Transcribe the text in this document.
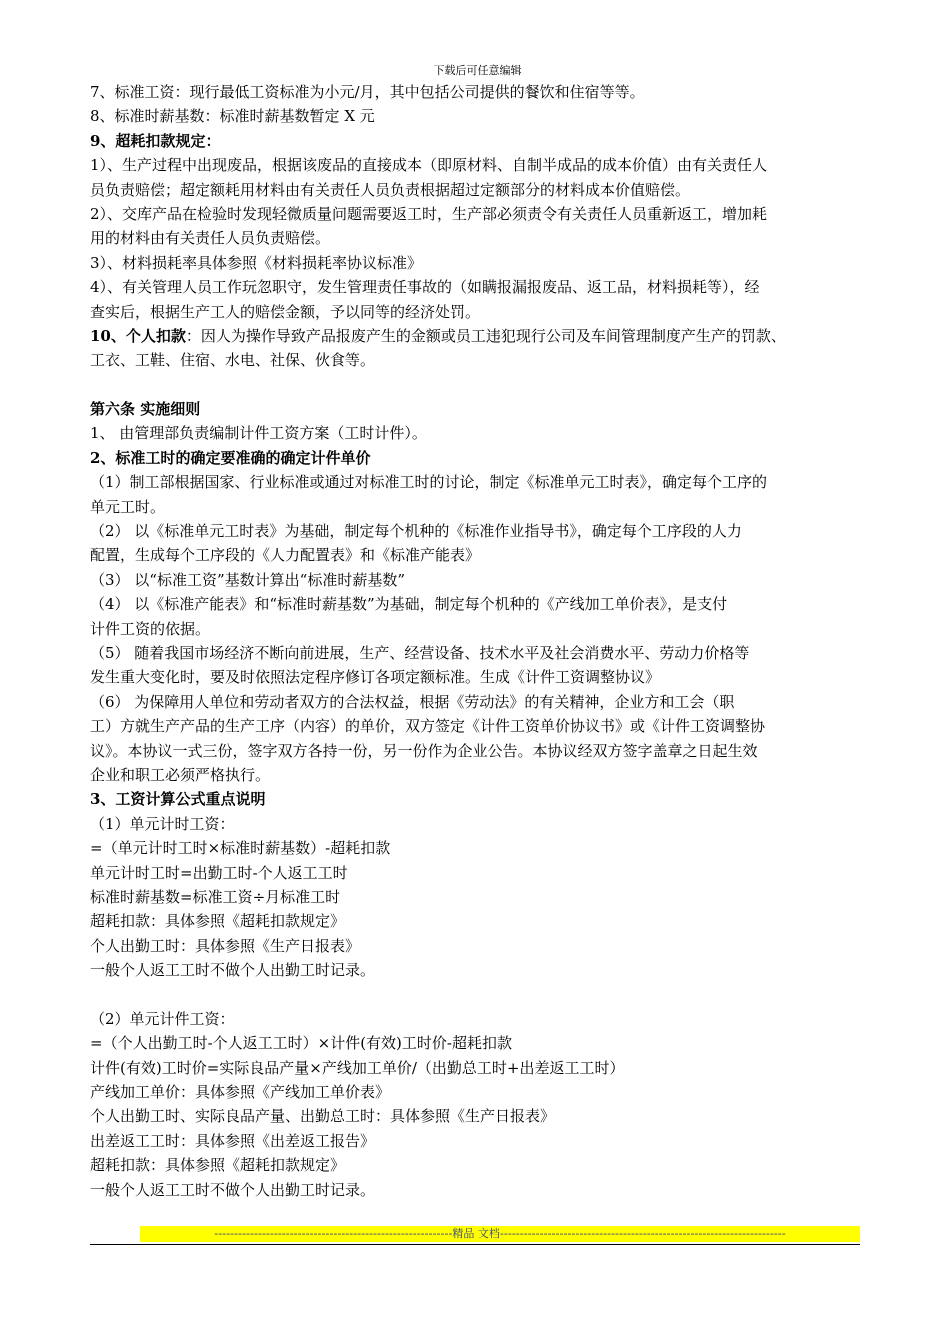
下载后可任意编辑
7、标准工资：现行最低工资标准为小元/月，其中包括公司提供的餐饮和住宿等等。
8、标准时薪基数：标准时薪基数暂定 X 元
9、超耗扣款规定：
1）、生产过程中出现废品，根据该废品的直接成本（即原材料、自制半成品的成本价值）由有关责任人
员负责赔偿；超定额耗用材料由有关责任人员负责根据超过定额部分的材料成本价值赔偿。
2）、交库产品在检验时发现轻微质量问题需要返工时，生产部必须责令有关责任人员重新返工，增加耗
用的材料由有关责任人员负责赔偿。
3）、材料损耗率具体参照《材料损耗率协议标准》
4）、有关管理人员工作玩忽职守，发生管理责任事故的（如瞒报漏报废品、返工品，材料损耗等），经
查实后，根据生产工人的赔偿金额，予以同等的经济处罚。
10、个人扣款：因人为操作导致产品报废产生的金额或员工违犯现行公司及车间管理制度产生产的罚款、
工衣、工鞋、住宿、水电、社保、伙食等。
第六条 实施细则
1、 由管理部负责编制计件工资方案（工时计件）。
2、标准工时的确定要准确的确定计件单价
（1）制工部根据国家、行业标准或通过对标准工时的讨论，制定《标准单元工时表》，确定每个工序的
单元工时。
（2） 以《标准单元工时表》为基础，制定每个机种的《标准作业指导书》，确定每个工序段的人力
配置，生成每个工序段的《人力配置表》和《标准产能表》
（3） 以“标准工资”基数计算出“标准时薪基数”
（4） 以《标准产能表》和“标准时薪基数”为基础，制定每个机种的《产线加工单价表》，是支付
计件工资的依据。
（5） 随着我国市场经济不断向前进展，生产、经营设备、技术水平及社会消费水平、劳动力价格等
发生重大变化时，要及时依照法定程序修订各项定额标准。生成《计件工资调整协议》
（6） 为保障用人单位和劳动者双方的合法权益，根据《劳动法》的有关精神，企业方和工会（职
工）方就生产产品的生产工序（内容）的单价，双方签定《计件工资单价协议书》或《计件工资调整协
议》。本协议一式三份，签字双方各持一份，另一份作为企业公告。本协议经双方签字盖章之日起生效
企业和职工必须严格执行。
3、工资计算公式重点说明
（1）单元计时工资：
=（单元计时工时×标准时薪基数）-超耗扣款
单元计时工时=出勤工时-个人返工工时
标准时薪基数=标准工资÷月标准工时
超耗扣款：具体参照《超耗扣款规定》
个人出勤工时：具体参照《生产日报表》
一般个人返工工时不做个人出勤工时记录。
（2）单元计件工资：
=（个人出勤工时-个人返工工时）×计件(有效)工时价-超耗扣款
计件(有效)工时价=实际良品产量×产线加工单价/（出勤总工时+出差返工工时）
产线加工单价：具体参照《产线加工单价表》
个人出勤工时、实际良品产量、出勤总工时：具体参照《生产日报表》
出差返工工时：具体参照《出差返工报告》
超耗扣款：具体参照《超耗扣款规定》
一般个人返工工时不做个人出勤工时记录。
------------------------------------------------------------精品 文档------------------------------------------------------------------------
